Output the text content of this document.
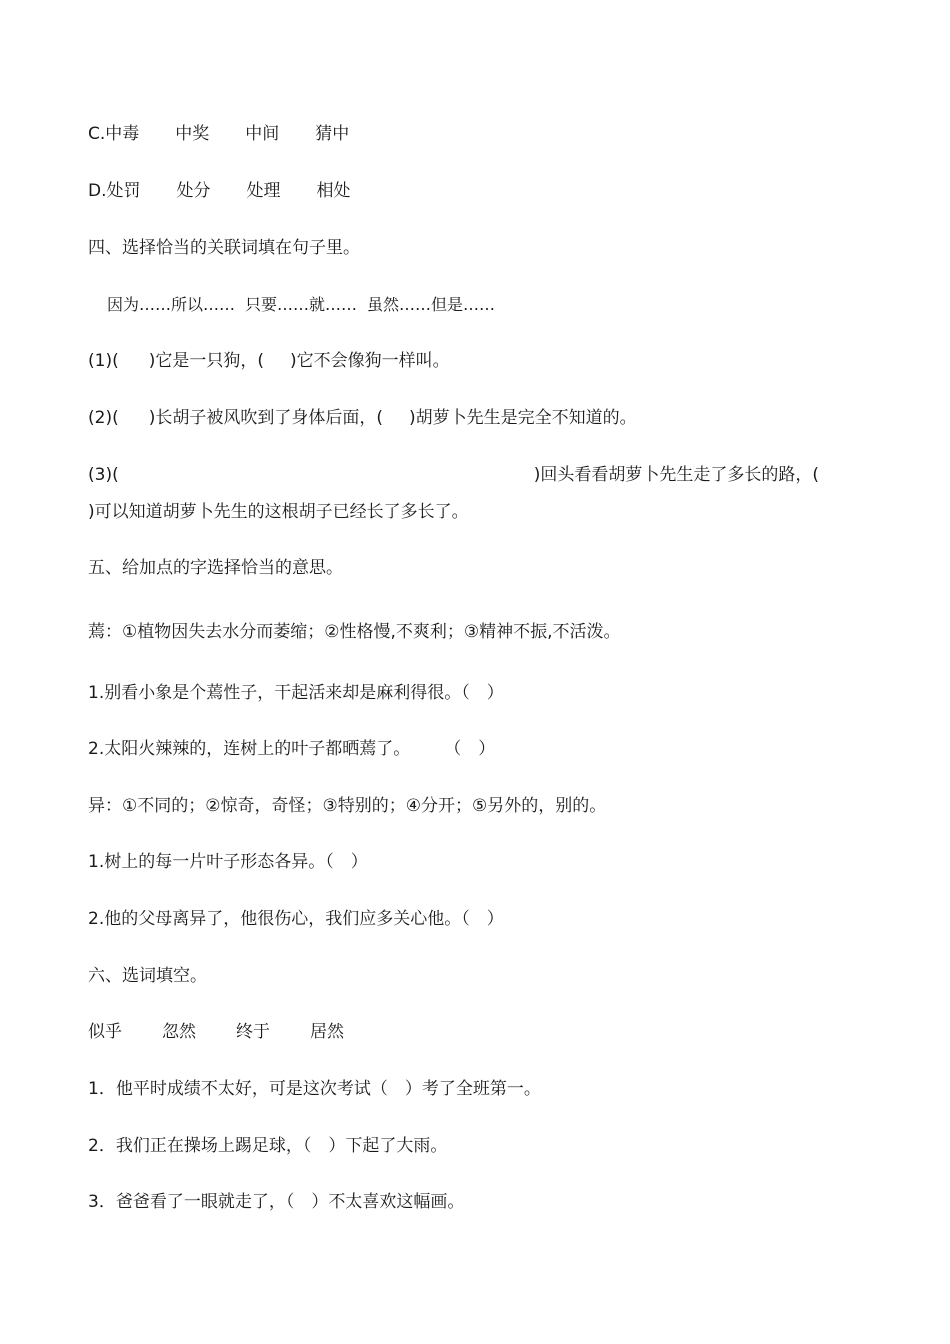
C.中毒 中奖 中间 猜中
D.处罚 处分 处理 相处
四、选择恰当的关联词填在句子里。
因为……所以…… 只要……就…… 虽然……但是……
(1)( )它是一只狗，( )它不会像狗一样叫。
(2)( )长胡子被风吹到了身体后面，( )胡萝卜先生是完全不知道的。
(3)(	)回头看看胡萝卜先生走了多长的路，(
)可以知道胡萝卜先生的这根胡子已经长了多长了。
五、给加点的字选择恰当的意思。
蔫：①植物因失去水分而萎缩；②性格慢,不爽利；③精神不振,不活泼。
1.别看小象是个蔫性子，干起活来却是麻利得很。（　）
2.太阳火辣辣的，连树上的叶子都晒蔫了。 （　）
异：①不同的；②惊奇，奇怪；③特别的；④分开；⑤另外的，别的。
1.树上的每一片叶子形态各异。（　）
2.他的父母离异了，他很伤心，我们应多关心他。（　）
六、选词填空。
似乎 忽然 终于 居然
1．他平时成绩不太好，可是这次考试（　）考了全班第一。
2．我们正在操场上踢足球，（　）下起了大雨。
3．爸爸看了一眼就走了，（　）不太喜欢这幅画。
